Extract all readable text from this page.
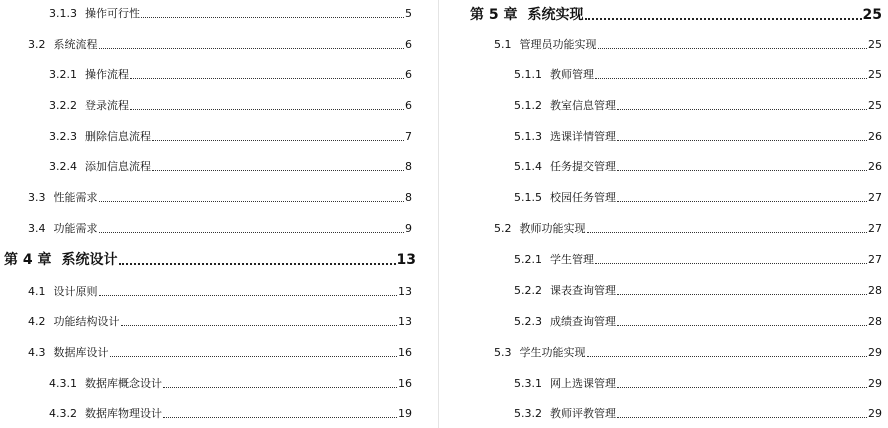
3.1.3 操作可行性	5
3.2 系统流程	6
3.2.1 操作流程	6
3.2.2 登录流程	6
3.2.3 删除信息流程	7
3.2.4 添加信息流程	8
3.3 性能需求	8
3.4 功能需求	9
第 4 章 系统设计	13
4.1 设计原则	13
4.2 功能结构设计	13
4.3 数据库设计	16
4.3.1 数据库概念设计	16
4.3.2 数据库物理设计	19
第 5 章 系统实现	25
5.1 管理员功能实现	25
5.1.1 教师管理	25
5.1.2 教室信息管理	25
5.1.3 选课详情管理	26
5.1.4 任务提交管理	26
5.1.5 校园任务管理	27
5.2 教师功能实现	27
5.2.1 学生管理	27
5.2.2 课表查询管理	28
5.2.3 成绩查询管理	28
5.3 学生功能实现	29
5.3.1 网上选课管理	29
5.3.2 教师评教管理	29
